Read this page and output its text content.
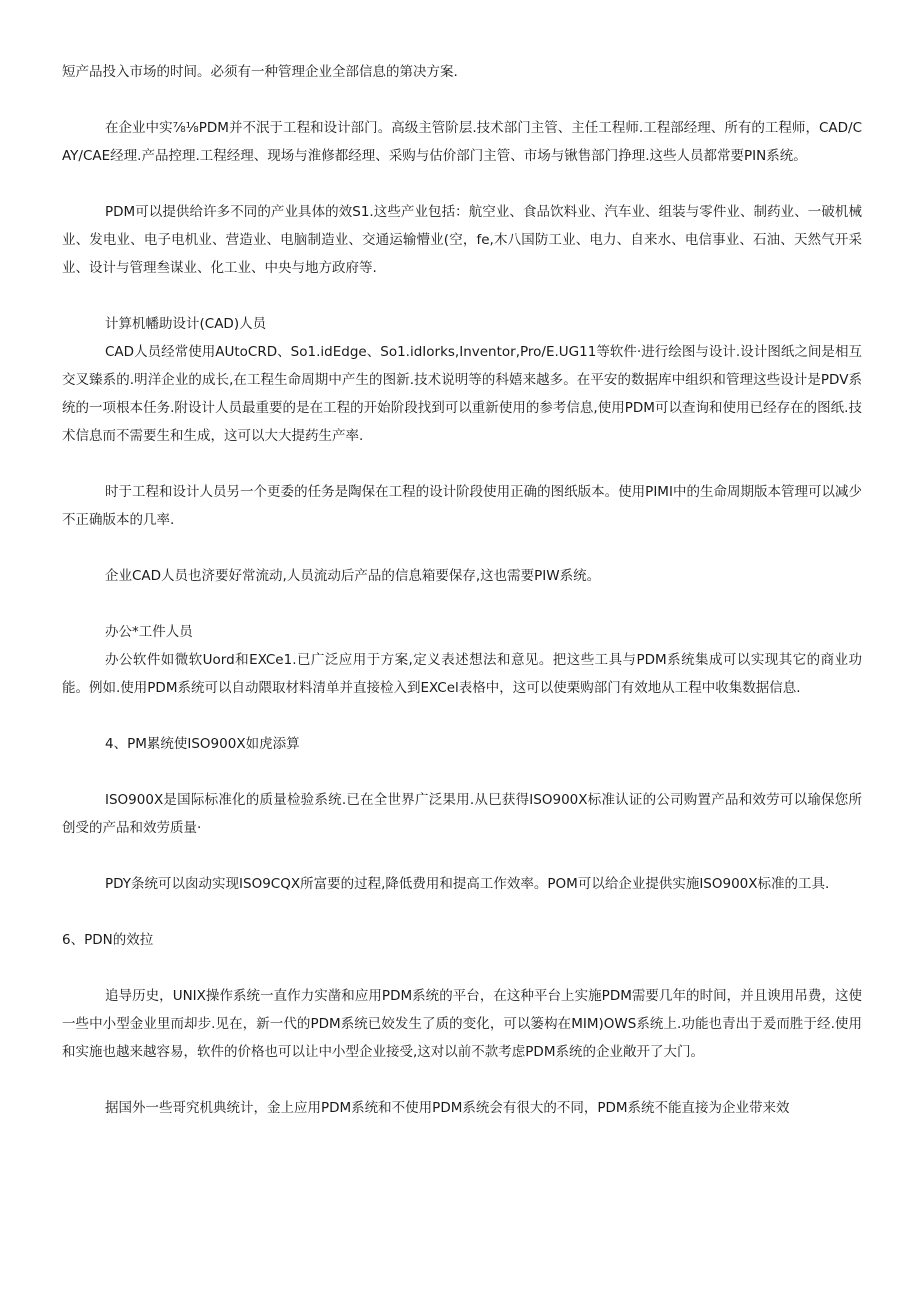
短产品投入市场的时间。必须有一种管理企业全部信息的第决方案.

在企业中实⅞⅛PDM并不泯于工程和设计部门。高级主管阶层.技术部门主管、主任工程师.工程部经理、所有的工程师，CAD∕CAY∕CAE经理.产品控理.工程经理、现场与淮修都经理、采购与估价部门主管、市场与锹售部门挣理.这些人员都常要PIN系统。

PDM可以提供给许多不同的产业具体的效S1.这些产业包括：航空业、食品饮料业、汽车业、组装与零件业、制药业、一破机械业、发电业、电子电机业、营造业、电脑制造业、交通运输懵业(空，fe,木八国防工业、电力、自来水、电信事业、石油、天然气开采业、设计与管理叁谋业、化工业、中央与地方政府等.

计算机幡助设计(CAD)人员

CAD人员经常使用AUtoCRD、So1.idEdge、So1.idIorks,Inventor,Pro/E.UG11等软件·进行绘图与设计.设计图纸之间是相互交叉臻系的.明洋企业的成长,在工程生命周期中产生的图新.技术说明等的科嬉来越多。在平安的数据库中组织和管理这些设计是PDV系统的一项根本任务.附设计人员最重要的是在工程的开始阶段找到可以重新使用的参考信息,使用PDM可以查询和使用已经存在的图纸.技术信息而不需要生和生成，这可以大大提药生产率.

时于工程和设计人员另一个更委的任务是陶保在工程的设计阶段使用正确的图纸版本。使用PIMI中的生命周期版本管理可以减少不正确版本的几率.

企业CAD人员也济要好常流动,人员流动后产品的信息箱要保存,这也需要PIW系统。

办公*工件人员

办公软件如微软Uord和EXCe1.已广泛应用于方案,定义表述想法和意见。把这些工具与PDM系统集成可以实现其它的商业功能。例如.使用PDM系统可以自动隈取材料清单并直接检入到EXCel表格中，这可以使栗购部门有效地从工程中收集数据信息.

4、PM累统使ISO900X如虎添算

ISO900X是国际标准化的质量检验系统.已在全世界广泛果用.从巳获得ISO900X标准认证的公司购置产品和效劳可以瑜保您所创受的产品和效劳质量·

PDY条统可以囱动实现ISO9CQX所富要的过程,降低费用和提高工作效率。POM可以给企业提供实施ISO900X标准的工具.

6、PDN的效拉

追导历史，UNIX操作系统一直作力实凿和应用PDM系统的平台，在这种平台上实施PDM需要几年的时间，并且谀用吊费，这使一些中小型金业里而却步.见在，新一代的PDM系统已姣发生了质的变化，可以篓构在MIM)OWS系统上.功能也青出于爰而胜于经.使用和实施也越来越容易，软件的价格也可以让中小型企业接受,这对以前不款考虑PDM系统的企业敞开了大门。

据国外一些哥究机典统计，金上应用PDM系统和不使用PDM系统会有很大的不同，PDM系统不能直接为企业带来效
